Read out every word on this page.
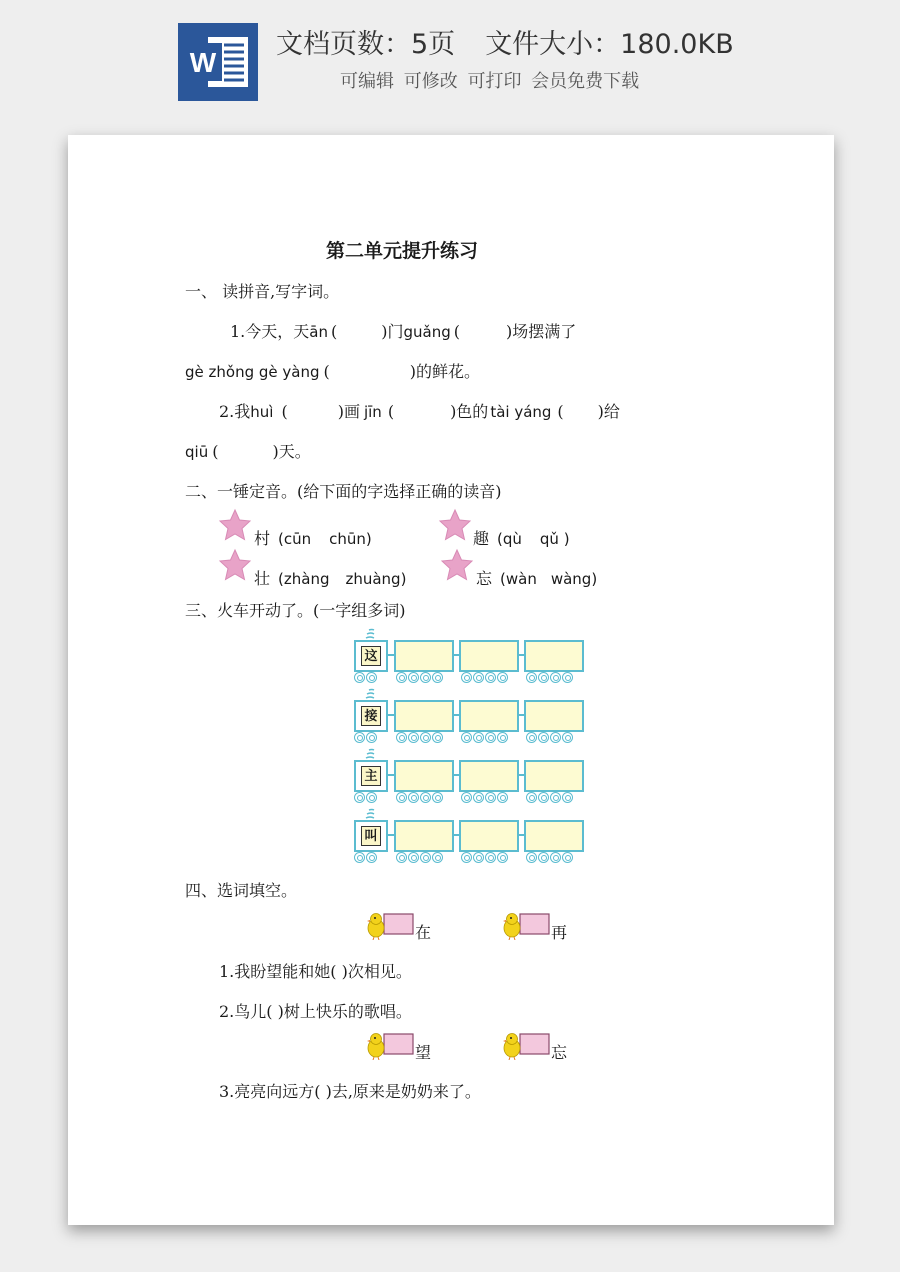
W
文档页数：5页 文件大小：180.0KB
可编辑 可修改 可打印 会员免费下载
第二单元提升练习
一、 读拼音,写字词。
1.今天，天ān (	)门guǎng (	)场摆满了
gè zhǒng gè yàng (	)的鲜花。
2.我huì (	)画 jīn (	)色的 tài yáng ( )给
qiū (	)天。
二、一锤定音。(给下面的字选择正确的读音)
村 (cūn chūn)	趣 (qù qǔ )
壮 (zhàng zhuàng)	忘 (wàn wàng)
三、火车开动了。(一字组多词)
这
接
主
叫
四、选词填空。
在	再
1.我盼望能和她( )次相见。
2.鸟儿( )树上快乐的歌唱。
望	忘
3.亮亮向远方( )去,原来是奶奶来了。
